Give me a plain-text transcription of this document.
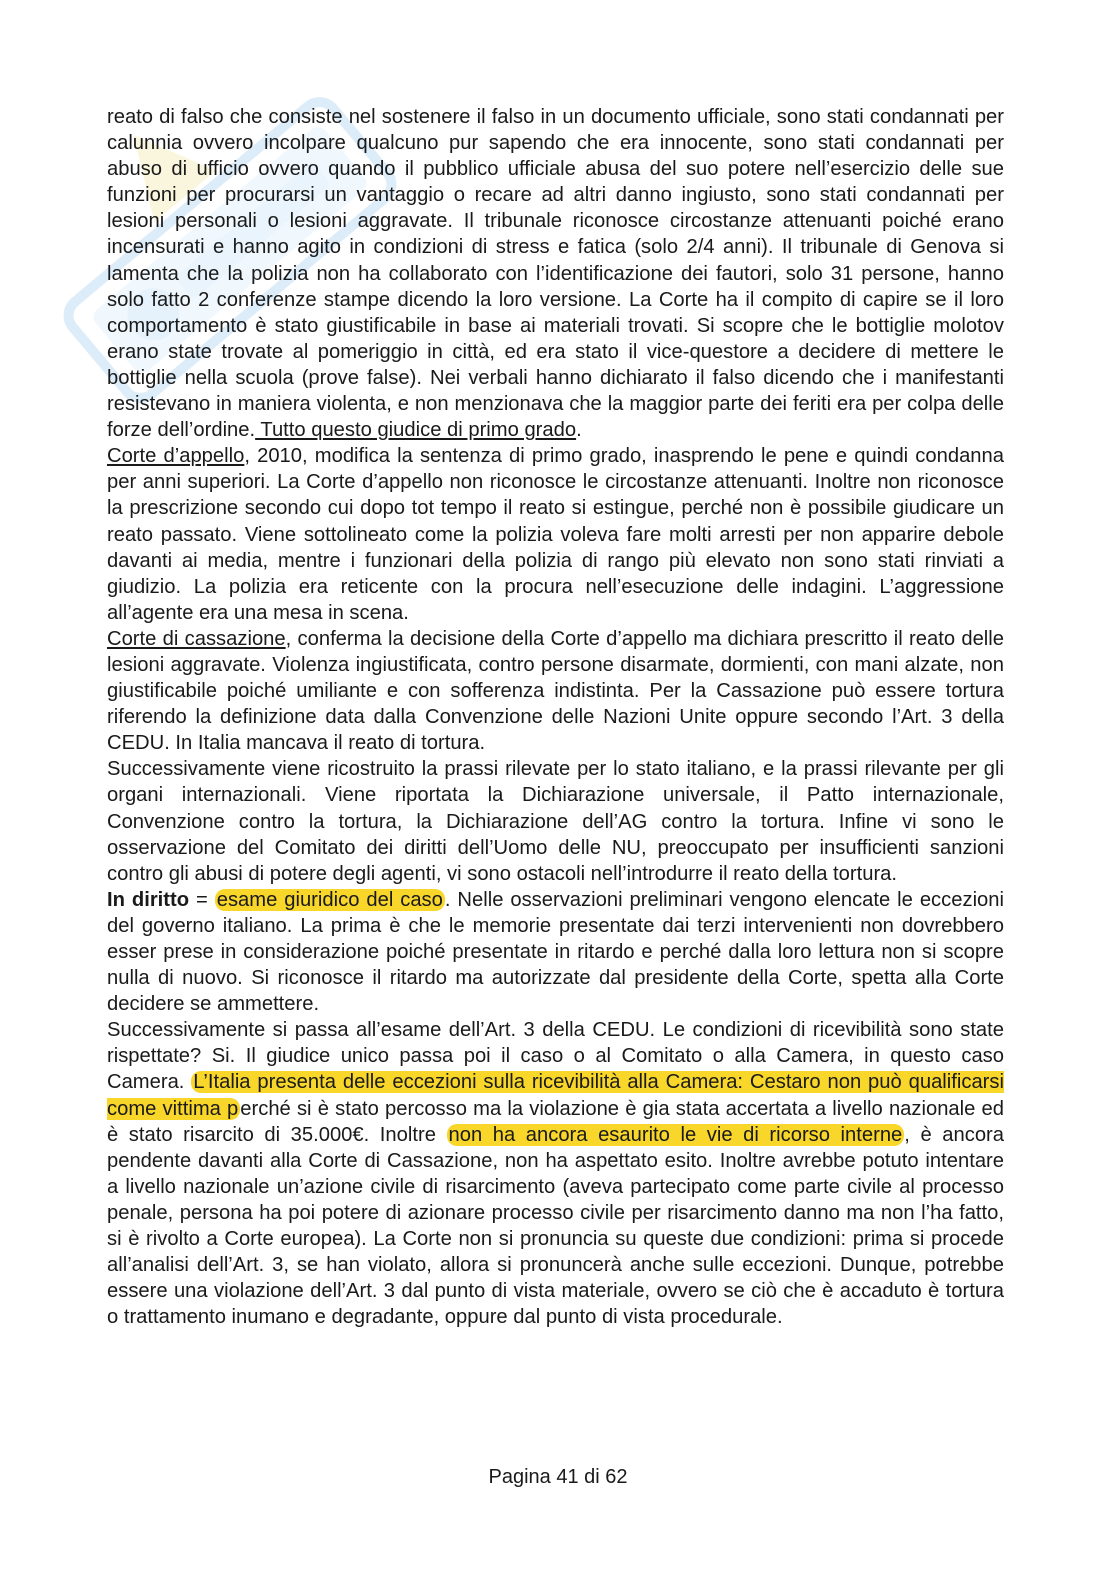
reato di falso che consiste nel sostenere il falso in un documento ufficiale, sono stati condannati per calunnia ovvero incolpare qualcuno pur sapendo che era innocente, sono stati condannati per abuso di ufficio ovvero quando il pubblico ufficiale abusa del suo potere nell’esercizio delle sue funzioni per procurarsi un vantaggio o recare ad altri danno ingiusto, sono stati condannati per lesioni personali o lesioni aggravate. Il tribunale riconosce circostanze attenuanti poiché erano incensurati e hanno agito in condizioni di stress e fatica (solo 2/4 anni). Il tribunale di Genova si lamenta che la polizia non ha collaborato con l’identificazione dei fautori, solo 31 persone, hanno solo fatto 2 conferenze stampe dicendo la loro versione. La Corte ha il compito di capire se il loro comportamento è stato giustificabile in base ai materiali trovati. Si scopre che le bottiglie molotov erano state trovate al pomeriggio in città, ed era stato il vice-questore a decidere di mettere le bottiglie nella scuola (prove false). Nei verbali hanno dichiarato il falso dicendo che i manifestanti resistevano in maniera violenta, e non menzionava che la maggior parte dei feriti era per colpa delle forze dell’ordine. Tutto questo giudice di primo grado.

Corte d’appello, 2010, modifica la sentenza di primo grado, inasprendo le pene e quindi condanna per anni superiori. La Corte d’appello non riconosce le circostanze attenuanti. Inoltre non riconosce la prescrizione secondo cui dopo tot tempo il reato si estingue, perché non è possibile giudicare un reato passato. Viene sottolineato come la polizia voleva fare molti arresti per non apparire debole davanti ai media, mentre i funzionari della polizia di rango più elevato non sono stati rinviati a giudizio. La polizia era reticente con la procura nell’esecuzione delle indagini. L’aggressione all’agente era una mesa in scena.

Corte di cassazione, conferma la decisione della Corte d’appello ma dichiara prescritto il reato delle lesioni aggravate. Violenza ingiustificata, contro persone disarmate, dormienti, con mani alzate, non giustificabile poiché umiliante e con sofferenza indistinta. Per la Cassazione può essere tortura riferendo la definizione data dalla Convenzione delle Nazioni Unite oppure secondo l’Art. 3 della CEDU. In Italia mancava il reato di tortura.

Successivamente viene ricostruito la prassi rilevate per lo stato italiano, e la prassi rilevante per gli organi internazionali. Viene riportata la Dichiarazione universale, il Patto internazionale, Convenzione contro la tortura, la Dichiarazione dell’AG contro la tortura. Infine vi sono le osservazione del Comitato dei diritti dell’Uomo delle NU, preoccupato per insufficienti sanzioni contro gli abusi di potere degli agenti, vi sono ostacoli nell’introdurre il reato della tortura.

In diritto = esame giuridico del caso. Nelle osservazioni preliminari vengono elencate le eccezioni del governo italiano. La prima è che le memorie presentate dai terzi intervenienti non dovrebbero esser prese in considerazione poiché presentate in ritardo e perché dalla loro lettura non si scopre nulla di nuovo. Si riconosce il ritardo ma autorizzate dal presidente della Corte, spetta alla Corte decidere se ammettere.

Successivamente si passa all’esame dell’Art. 3 della CEDU. Le condizioni di ricevibilità sono state rispettate? Si. Il giudice unico passa poi il caso o al Comitato o alla Camera, in questo caso Camera. L’Italia presenta delle eccezioni sulla ricevibilità alla Camera: Cestaro non può qualificarsi come vittima perché si è stato percosso ma la violazione è gia stata accertata a livello nazionale ed è stato risarcito di 35.000€. Inoltre non ha ancora esaurito le vie di ricorso interne, è ancora pendente davanti alla Corte di Cassazione, non ha aspettato esito. Inoltre avrebbe potuto intentare a livello nazionale un’azione civile di risarcimento (aveva partecipato come parte civile al processo penale, persona ha poi potere di azionare processo civile per risarcimento danno ma non l’ha fatto, si è rivolto a Corte europea). La Corte non si pronuncia su queste due condizioni: prima si procede all’analisi dell’Art. 3, se han violato, allora si pronuncerà anche sulle eccezioni. Dunque, potrebbe essere una violazione dell’Art. 3 dal punto di vista materiale, ovvero se ciò che è accaduto è tortura o trattamento inumano e degradante, oppure dal punto di vista procedurale.

Pagina 41 di 62
